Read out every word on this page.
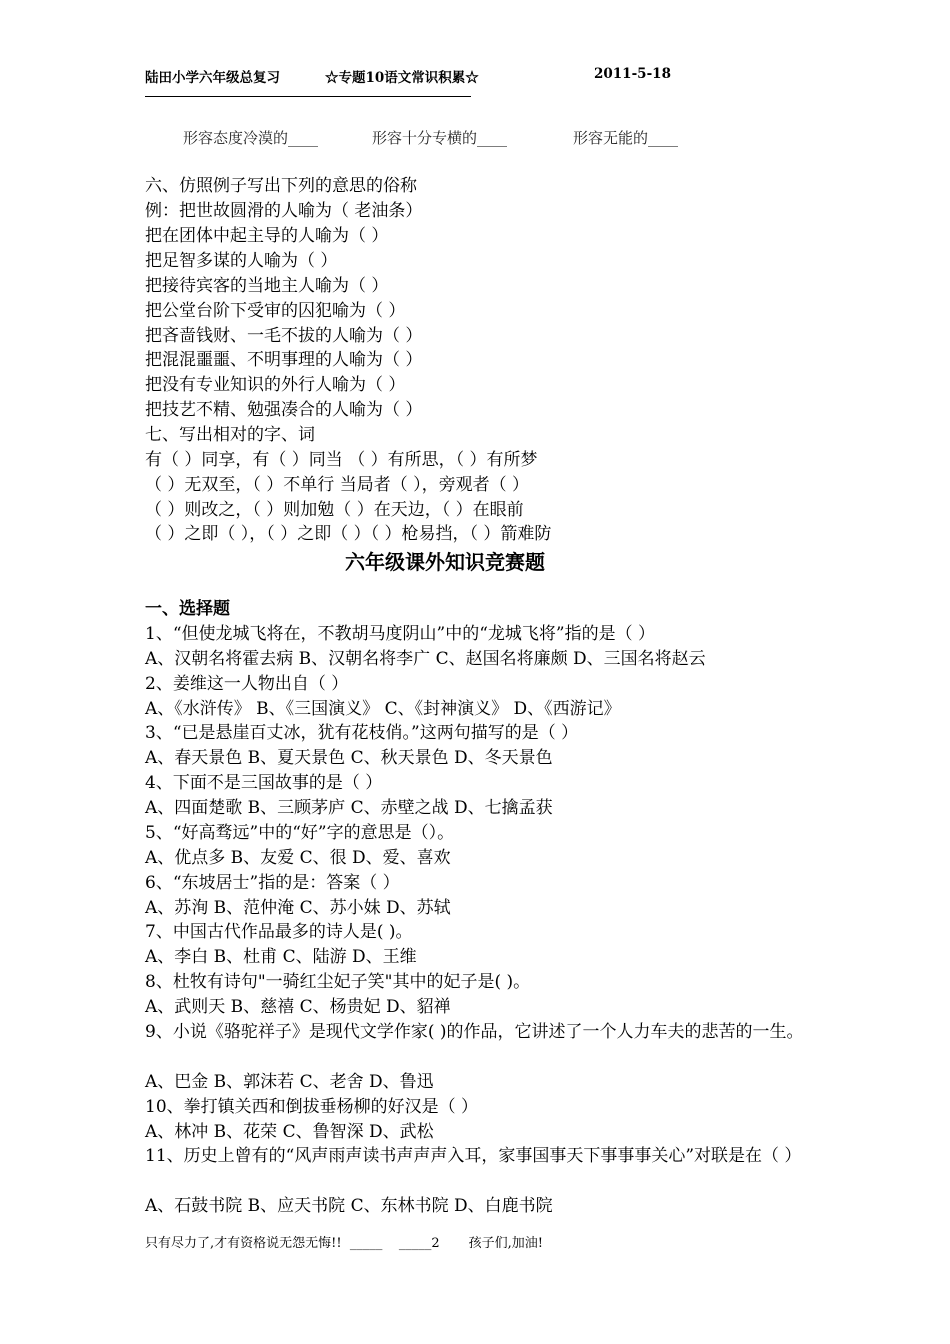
陆田小学六年级总复习	☆专题10语文常识积累☆	2011-5-18
形容态度冷漠的____	形容十分专横的____	形容无能的____
六、仿照例子写出下列的意思的俗称
例：把世故圆滑的人喻为（ 老油条）
把在团体中起主导的人喻为（ ）
把足智多谋的人喻为（ ）
把接待宾客的当地主人喻为（ ）
把公堂台阶下受审的囚犯喻为（ ）
把吝啬钱财、一毛不拔的人喻为（ ）
把混混噩噩、不明事理的人喻为（ ）
把没有专业知识的外行人喻为（ ）
把技艺不精、勉强凑合的人喻为（ ）
七、写出相对的字、词
有（ ）同享，有（ ）同当 （ ）有所思，（ ）有所梦
（ ）无双至，（ ）不单行 当局者（ ），旁观者（ ）
（ ）则改之，（ ）则加勉（ ）在天边，（ ）在眼前
（ ）之即（ ），（ ）之即（ ）（ ）枪易挡，（ ）箭难防
六年级课外知识竞赛题
一、选择题
1、“但使龙城飞将在，不教胡马度阴山”中的“龙城飞将”指的是（ ）
A、汉朝名将霍去病 B、汉朝名将李广 C、赵国名将廉颇 D、三国名将赵云
2、姜维这一人物出自（ ）
A、《水浒传》 B、《三国演义》 C、《封神演义》 D、《西游记》
3、“已是悬崖百丈冰，犹有花枝俏。”这两句描写的是（ ）
A、春天景色 B、夏天景色 C、秋天景色 D、冬天景色
4、下面不是三国故事的是（ ）
A、四面楚歌 B、三顾茅庐 C、赤壁之战 D、七擒孟获
5、“好高骛远”中的“好”字的意思是（）。
A、优点多 B、友爱 C、很 D、爱、喜欢
6、“东坡居士”指的是：答案（ ）
A、苏洵 B、范仲淹 C、苏小妹 D、苏轼
7、中国古代作品最多的诗人是( )。
A、李白 B、杜甫 C、陆游 D、王维
8、杜牧有诗句"一骑红尘妃子笑"其中的妃子是( )。
A、武则天 B、慈禧 C、杨贵妃 D、貂禅
9、小说《骆驼祥子》是现代文学作家( )的作品，它讲述了一个人力车夫的悲苦的一生。
A、巴金 B、郭沫若 C、老舍 D、鲁迅
10、拳打镇关西和倒拔垂杨柳的好汉是（ ）
A、林冲 B、花荣 C、鲁智深 D、武松
11、历史上曾有的“风声雨声读书声声声入耳，家事国事天下事事事关心”对联是在（ ）
A、石鼓书院 B、应天书院 C、东林书院 D、白鹿书院
只有尽力了,才有资格说无怨无悔!!  _____    _____2       孩子们,加油!
